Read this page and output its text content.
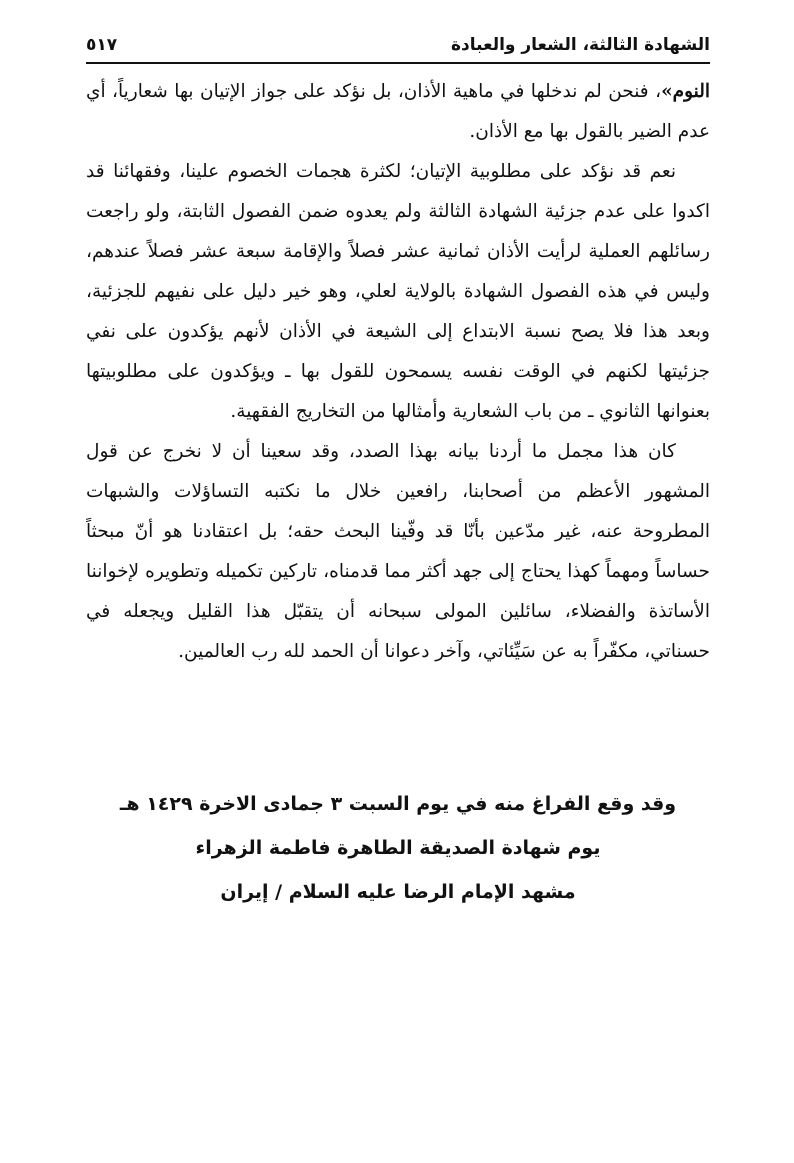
الشهادة الثالثة، الشعار والعبادة
٥١٧

النوم»، فنحن لم ندخلها في ماهية الأذان، بل نؤكد على جواز الإتيان بها شعارياً، أي عدم الضير بالقول بها مع الأذان.

نعم قد نؤكد على مطلوبية الإتيان؛ لكثرة هجمات الخصوم علينا، وفقهائنا قد اكدوا على عدم جزئية الشهادة الثالثة ولم يعدوه ضمن الفصول الثابتة، ولو راجعت رسائلهم العملية لرأيت الأذان ثمانية عشر فصلاً والإقامة سبعة عشر فصلاً عندهم، وليس في هذه الفصول الشهادة بالولاية لعلي، وهو خير دليل على نفيهم للجزئية، وبعد هذا فلا يصح نسبة الابتداع إلى الشيعة في الأذان لأنهم يؤكدون على نفي جزئيتها لكنهم في الوقت نفسه يسمحون للقول بها ـ ويؤكدون على مطلوبيتها بعنوانها الثانوي ـ من باب الشعارية وأمثالها من التخاريج الفقهية.

كان هذا مجمل ما أردنا بيانه بهذا الصدد، وقد سعينا أن لا نخرج عن قول المشهور الأعظم من أصحابنا، رافعين خلال ما نكتبه التساؤلات والشبهات المطروحة عنه، غير مدّعين بأنّا قد وفّينا البحث حقه؛ بل اعتقادنا هو أنّ مبحثاً حساساً ومهماً كهذا يحتاج إلى جهد أكثر مما قدمناه، تاركين تكميله وتطويره لإخواننا الأساتذة والفضلاء، سائلين المولى سبحانه أن يتقبّل هذا القليل ويجعله في حسناتي، مكفّراً به عن سَيِّئاتي، وآخر دعوانا أن الحمد لله رب العالمين.

وقد وقع الفراغ منه في يوم السبت ٣ جمادى الاخرة ١٤٢٩ هـ

يوم شهادة الصديقة الطاهرة فاطمة الزهراء

مشهد الإمام الرضا عليه السلام / إيران
